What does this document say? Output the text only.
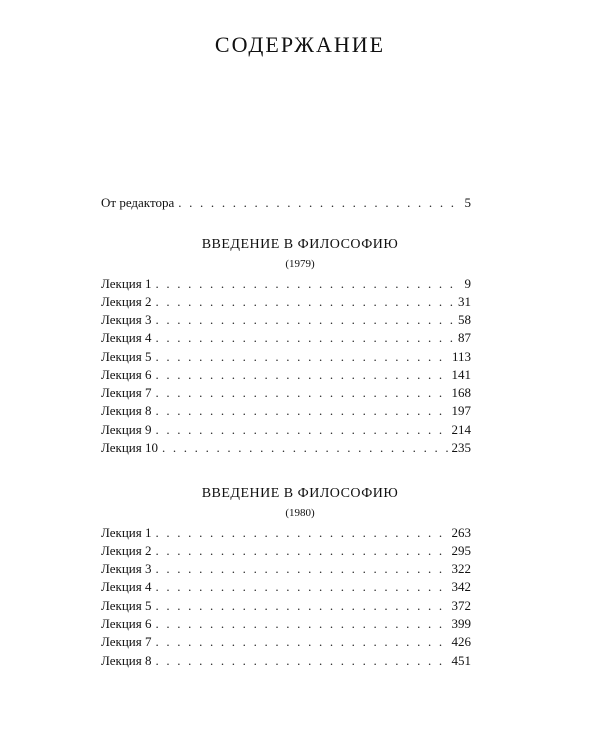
СОДЕРЖАНИЕ
От редактора . . .	5
ВВЕДЕНИЕ В ФИЛОСОФИЮ
(1979)
Лекция 1 . . .	9
Лекция 2 . . .	31
Лекция 3 . . .	58
Лекция 4 . . .	87
Лекция 5 . . .	113
Лекция 6 . . .	141
Лекция 7 . . .	168
Лекция 8 . . .	197
Лекция 9 . . .	214
Лекция 10 . . .	235
ВВЕДЕНИЕ В ФИЛОСОФИЮ
(1980)
Лекция 1 . . .	263
Лекция 2 . . .	295
Лекция 3 . . .	322
Лекция 4 . . .	342
Лекция 5 . . .	372
Лекция 6 . . .	399
Лекция 7 . . .	426
Лекция 8 . . .	451
